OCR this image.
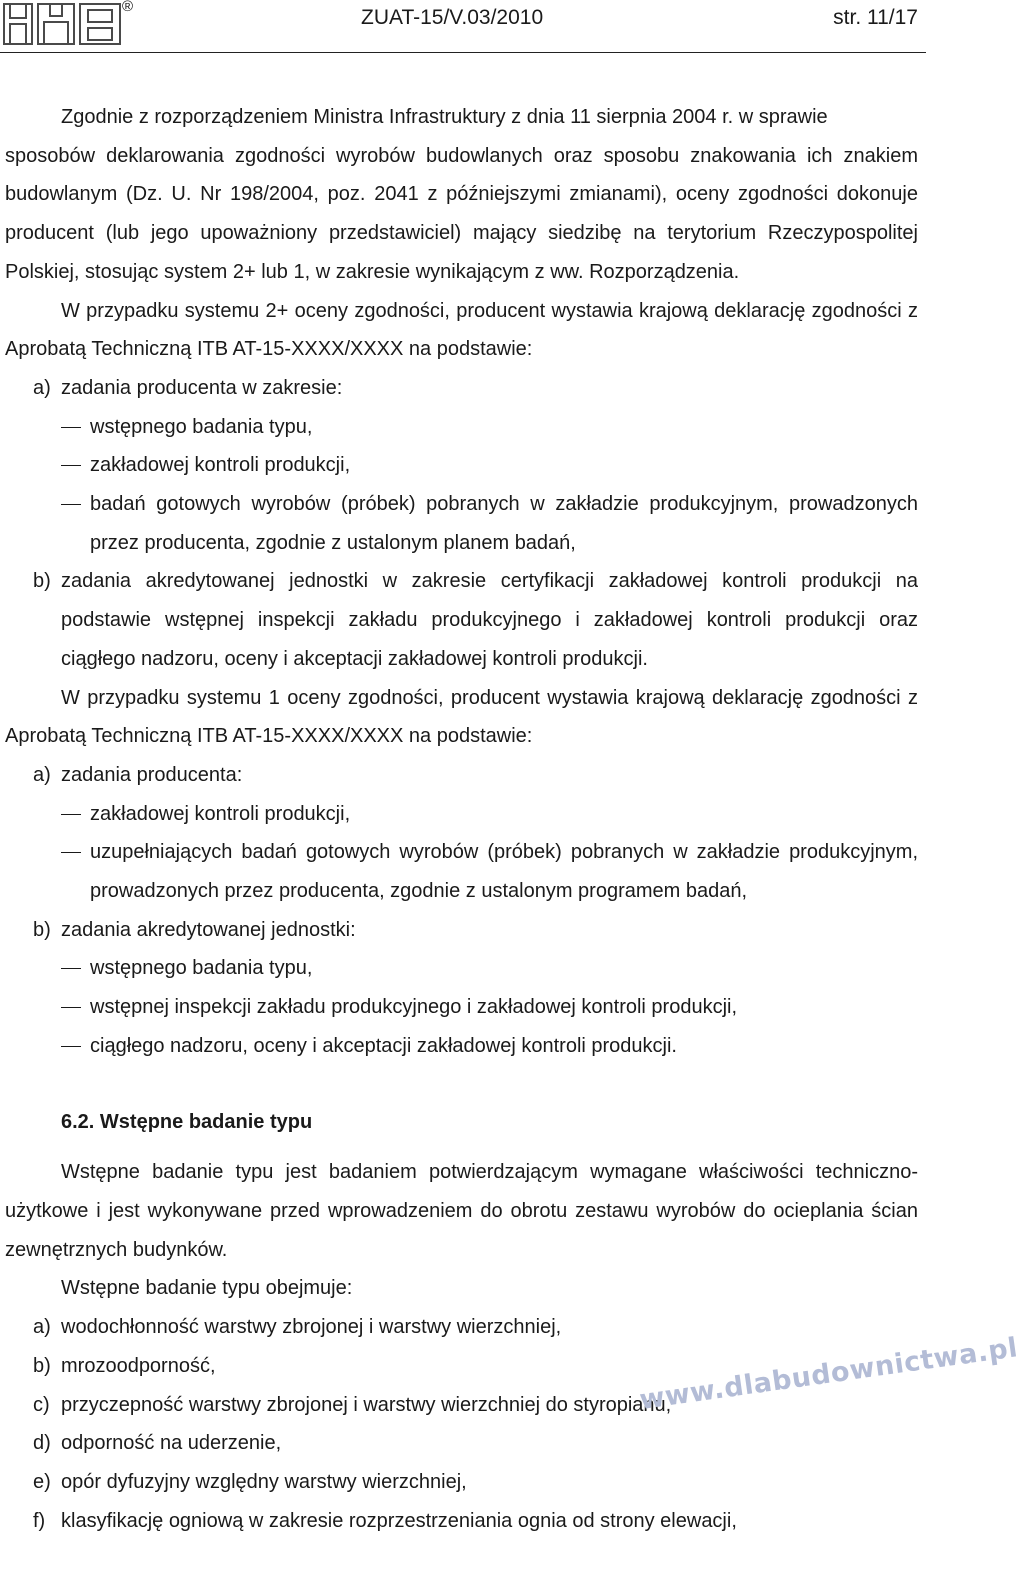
®	ZUAT-15/V.03/2010	str. 11/17

Zgodnie z rozporządzeniem Ministra Infrastruktury z dnia 11 sierpnia 2004 r. w sprawie

sposobów deklarowania zgodności wyrobów budowlanych oraz sposobu znakowania ich znakiem budowlanym (Dz. U. Nr 198/2004, poz. 2041 z późniejszymi zmianami), oceny zgodności dokonuje producent (lub jego upoważniony przedstawiciel) mający siedzibę na terytorium Rzeczypospolitej Polskiej, stosując system 2+ lub 1, w zakresie wynikającym z ww. Rozporządzenia.

W przypadku systemu 2+ oceny zgodności, producent wystawia krajową deklarację zgodności z Aprobatą Techniczną ITB AT-15-XXXX/XXXX na podstawie:

a) zadania producenta w zakresie:
wstępnego badania typu,
zakładowej kontroli produkcji,
badań gotowych wyrobów (próbek) pobranych w zakładzie produkcyjnym, prowadzonych przez producenta, zgodnie z ustalonym planem badań,
b) zadania akredytowanej jednostki w zakresie certyfikacji zakładowej kontroli produkcji na podstawie wstępnej inspekcji zakładu produkcyjnego i zakładowej kontroli produkcji oraz ciągłego nadzoru, oceny i akceptacji zakładowej kontroli produkcji.

W przypadku systemu 1 oceny zgodności, producent wystawia krajową deklarację zgodności z Aprobatą Techniczną ITB AT-15-XXXX/XXXX na podstawie:

a) zadania producenta:
zakładowej kontroli produkcji,
uzupełniających badań gotowych wyrobów (próbek) pobranych w zakładzie produkcyjnym, prowadzonych przez producenta, zgodnie z ustalonym programem badań,
b) zadania akredytowanej jednostki:
wstępnego badania typu,
wstępnej inspekcji zakładu produkcyjnego i zakładowej kontroli produkcji,
ciągłego nadzoru, oceny i akceptacji zakładowej kontroli produkcji.

6.2. Wstępne badanie typu

Wstępne badanie typu jest badaniem potwierdzającym wymagane właściwości techniczno-użytkowe i jest wykonywane przed wprowadzeniem do obrotu zestawu wyrobów do ocieplania ścian zewnętrznych budynków.

Wstępne badanie typu obejmuje:

a) wodochłonność warstwy zbrojonej i warstwy wierzchniej,
b) mrozoodporność,
c) przyczepność warstwy zbrojonej i warstwy wierzchniej do styropianu,
d) odporność na uderzenie,
e) opór dyfuzyjny względny warstwy wierzchniej,
f) klasyfikację ogniową w zakresie rozprzestrzeniania ognia od strony elewacji,
www.dlabudownictwa.pl
